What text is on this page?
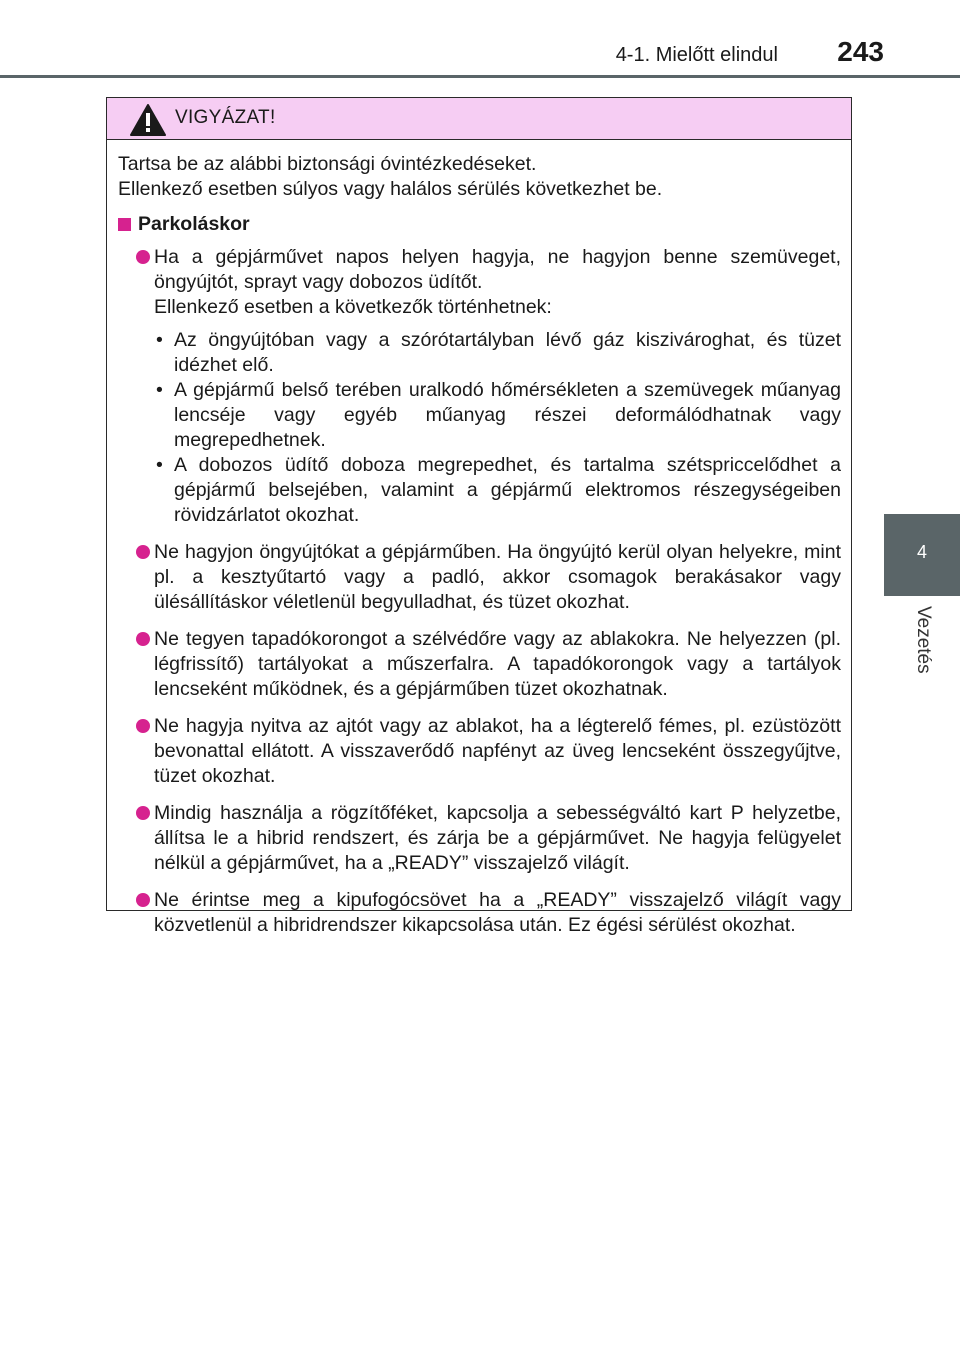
4-1. Mielőtt elindul 243
4
Vezetés
VIGYÁZAT!
Tartsa be az alábbi biztonsági óvintézkedéseket.
Ellenkező esetben súlyos vagy halálos sérülés következhet be.
Parkoláskor

Ha a gépjárművet napos helyen hagyja, ne hagyjon benne szemüveget, öngyújtót, sprayt vagy dobozos üdítőt.

Ellenkező esetben a következők történhetnek:

• Az öngyújtóban vagy a szórótartályban lévő gáz kiszivároghat, és tüzet idézhet elő.
• A gépjármű belső terében uralkodó hőmérsékleten a szemüvegek műanyag lencséje vagy egyéb műanyag részei deformálódhatnak vagy megrepedhetnek.
• A dobozos üdítő doboza megrepedhet, és tartalma szétspriccelődhet a gépjármű belsejében, valamint a gépjármű elektromos részegységeiben rövidzárlatot okozhat.

Ne hagyjon öngyújtókat a gépjárműben. Ha öngyújtó kerül olyan helyekre, mint pl. a kesztyűtartó vagy a padló, akkor csomagok berakásakor vagy ülésállításkor véletlenül begyulladhat, és tüzet okozhat.

Ne tegyen tapadókorongot a szélvédőre vagy az ablakokra. Ne helyezzen (pl. légfrissítő) tartályokat a műszerfalra. A tapadókorongok vagy a tartályok lencseként működnek, és a gépjárműben tüzet okozhatnak.

Ne hagyja nyitva az ajtót vagy az ablakot, ha a légterelő fémes, pl. ezüstözött bevonattal ellátott. A visszaverődő napfényt az üveg lencseként összegyűjtve, tüzet okozhat.

Mindig használja a rögzítőféket, kapcsolja a sebességváltó kart P helyzetbe, állítsa le a hibrid rendszert, és zárja be a gépjárművet. Ne hagyja felügyelet nélkül a gépjárművet, ha a „READY” visszajelző világít.

Ne érintse meg a kipufogócsövet ha a „READY” visszajelző világít vagy közvetlenül a hibridrendszer kikapcsolása után. Ez égési sérülést okozhat.
